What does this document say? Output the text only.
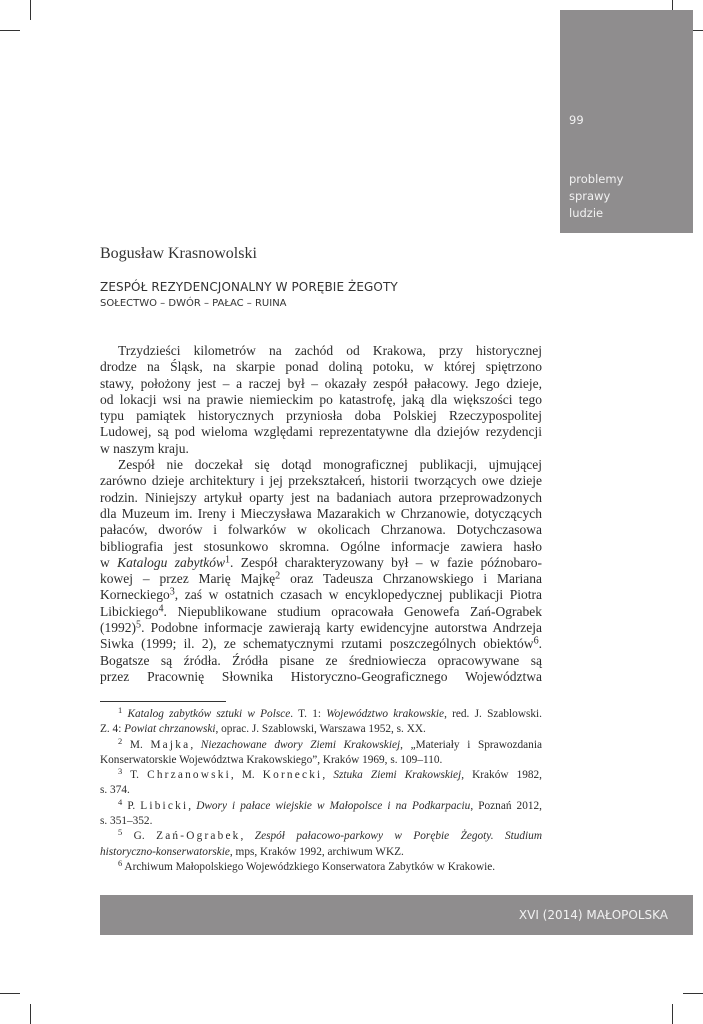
99
problemy
sprawy
ludzie
Bogusław Krasnowolski
ZESPÓŁ REZYDENCJONALNY W PORĘBIE ŻEGOTY
SOŁECTWO – DWÓR – PAŁAC – RUINA
Trzydzieści kilometrów na zachód od Krakowa, przy historycznej
drodze na Śląsk, na skarpie ponad doliną potoku, w której spiętrzono
stawy, położony jest – a raczej był – okazały zespół pałacowy. Jego dzieje,
od lokacji wsi na prawie niemieckim po katastrofę, jaką dla większości tego
typu pamiątek historycznych przyniosła doba Polskiej Rzeczypospolitej
Ludowej, są pod wieloma względami reprezentatywne dla dziejów rezydencji
w naszym kraju.
Zespół nie doczekał się dotąd monograficznej publikacji, ujmującej
zarówno dzieje architektury i jej przekształceń, historii tworzących owe dzieje
rodzin. Niniejszy artykuł oparty jest na badaniach autora przeprowadzonych
dla Muzeum im. Ireny i Mieczysława Mazarakich w Chrzanowie, dotyczących
pałaców, dworów i folwarków w okolicach Chrzanowa. Dotychczasowa
bibliografia jest stosunkowo skromna. Ogólne informacje zawiera hasło
w Katalogu zabytków$^1$. Zespół charakteryzowany był – w fazie późnobaro-
kowej – przez Marię Majkę$^2$ oraz Tadeusza Chrzanowskiego i Mariana
Korneckiego$^3$, zaś w ostatnich czasach w encyklopedycznej publikacji Piotra
Libickiego$^4$. Niepublikowane studium opracowała Genowefa Zań-Ograbek
$(1992)^5$. Podobne informacje zawierają karty ewidencyjne autorstwa Andrzeja
Siwka (1999; il. 2), ze schematycznymi rzutami poszczególnych obiektów$^6$.
Bogatsze są źródła. Źródła pisane ze średniowiecza opracowywane są
przez Pracownię Słownika Historyczno-Geograficznego Województwa
$^1$ Katalog zabytków sztuki w Polsce. T. 1: Województwo krakowskie, red. J. Szablowski.
Z. 4: Powiat chrzanowski, oprac. J. Szablowski, Warszawa 1952, s. XX.
$^2$ M. Majka, Niezachowane dwory Ziemi Krakowskiej, „Materiały i Sprawozdania
Konserwatorskie Województwa Krakowskiego”, Kraków 1969, s. 109–110.
$^3$ T. Chrzanowski, M. Kornecki, Sztuka Ziemi Krakowskiej, Kraków 1982,
s. 374.
$^4$ P. Libicki, Dwory i pałace wiejskie w Małopolsce i na Podkarpaciu, Poznań 2012,
s. 351–352.
$^5$ G. Zań-Ograbek, Zespół pałacowo-parkowy w Porębie Żegoty. Studium
historyczno-konserwatorskie, mps, Kraków 1992, archiwum WKZ.
$^6$ Archiwum Małopolskiego Wojewódzkiego Konserwatora Zabytków w Krakowie.
XVI (2014) MAŁOPOLSKA
